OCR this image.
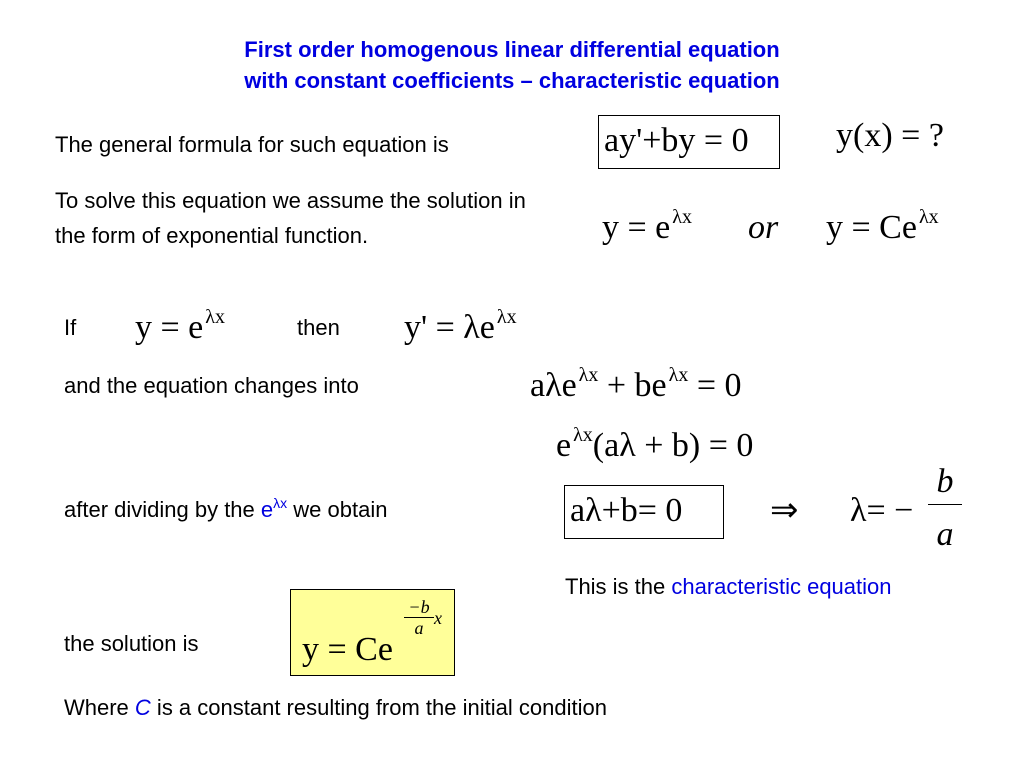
First order homogenous linear differential equation
with constant coefficients – characteristic equation
The general formula for such equation is	ay'+by = 0	y(x) = ?
To solve this equation we assume the solution in the form of exponential function.	y = e $^{\lambda x}$ or y = Ce $^{\lambda x}$
If y = e $^{\lambda x}$	then y' = λe $^{\lambda x}$
and the equation changes into	aλe $^{\lambda x}$ + be $^{\lambda x}$ = 0
e $^{\lambda x}$(aλ + b) = 0
after dividing by the $e^{\lambda x}$ we obtain	aλ+b= 0	⇒ λ= −
b
a
This is the characteristic equation
the solution is	y = Ce
−b
a x
Where C is a constant resulting from the initial condition
